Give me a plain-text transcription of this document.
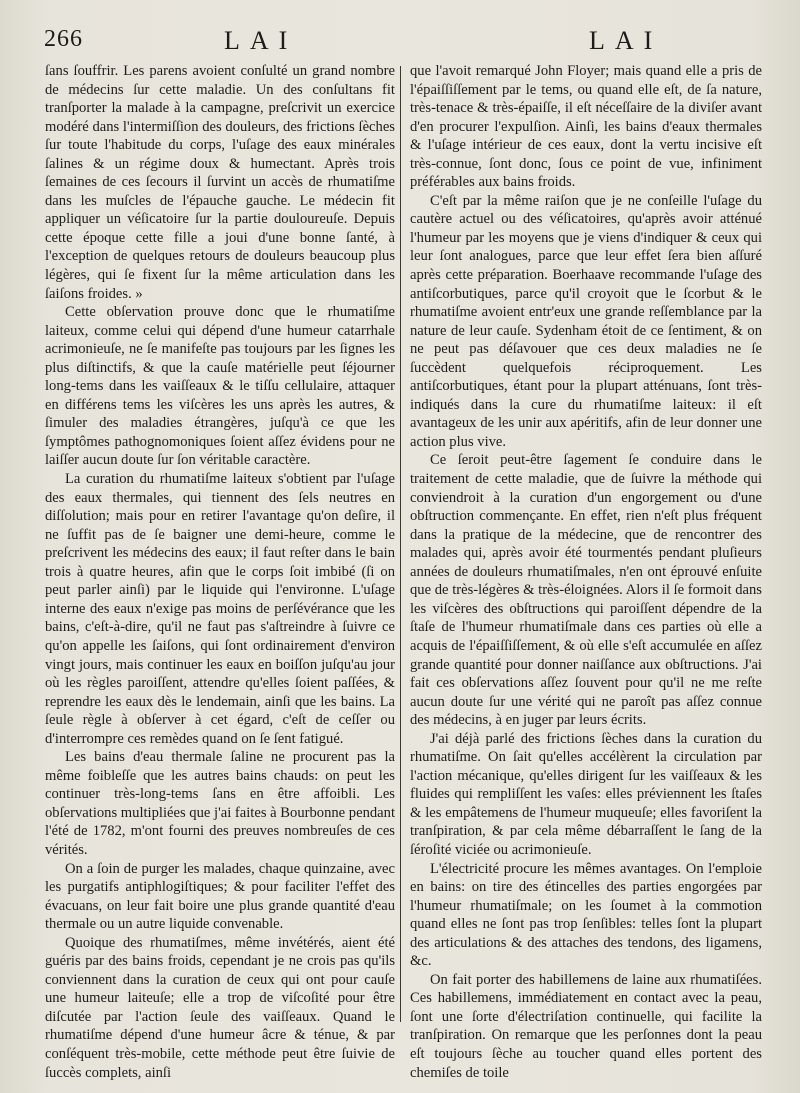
266	LAI	LAI

ſans ſouffrir. Les parens avoient conſulté un grand nombre de médecins ſur cette maladie. Un des conſultans fit tranſporter la malade à la campagne, preſcrivit un exercice modéré dans l'intermiſſion des douleurs, des frictions ſèches ſur toute l'habitude du corps, l'uſage des eaux minérales ſalines & un régime doux & humectant. Après trois ſemaines de ces ſecours il ſurvint un accès de rhumatiſme dans les muſcles de l'épauche gauche. Le médecin fit appliquer un véſicatoire ſur la partie douloureuſe. Depuis cette époque cette fille a joui d'une bonne ſanté, à l'exception de quelques retours de douleurs beaucoup plus légères, qui ſe fixent ſur la même articulation dans les ſaiſons froides. »

Cette obſervation prouve donc que le rhumatiſme laiteux, comme celui qui dépend d'une humeur catarrhale acrimonieuſe, ne ſe manifeſte pas toujours par les ſignes les plus diſtinctifs, & que la cauſe matérielle peut ſéjourner long-tems dans les vaiſſeaux & le tiſſu cellulaire, attaquer en différens tems les viſcères les uns après les autres, & ſimuler des maladies étrangères, juſqu'à ce que les ſymptômes pathognomoniques ſoient aſſez évidens pour ne laiſſer aucun doute ſur ſon véritable caractère.

La curation du rhumatiſme laiteux s'obtient par l'uſage des eaux thermales, qui tiennent des ſels neutres en diſſolution; mais pour en retirer l'avantage qu'on deſire, il ne ſuffit pas de ſe baigner une demi-heure, comme le preſcrivent les médecins des eaux; il faut reſter dans le bain trois à quatre heures, afin que le corps ſoit imbibé (ſi on peut parler ainſi) par le liquide qui l'environne. L'uſage interne des eaux n'exige pas moins de perſévérance que les bains, c'eſt-à-dire, qu'il ne faut pas s'aſtreindre à ſuivre ce qu'on appelle les ſaiſons, qui ſont ordinairement d'environ vingt jours, mais continuer les eaux en boiſſon juſqu'au jour où les règles paroiſſent, attendre qu'elles ſoient paſſées, & reprendre les eaux dès le lendemain, ainſi que les bains. La ſeule règle à obſerver à cet égard, c'eſt de ceſſer ou d'interrompre ces remèdes quand on ſe ſent fatigué.

Les bains d'eau thermale ſaline ne procurent pas la même foibleſſe que les autres bains chauds: on peut les continuer très-long-tems ſans en être affoibli. Les obſervations multipliées que j'ai faites à Bourbonne pendant l'été de 1782, m'ont fourni des preuves nombreuſes de ces vérités.

On a ſoin de purger les malades, chaque quinzaine, avec les purgatifs antiphlogiſtiques; & pour faciliter l'effet des évacuans, on leur fait boire une plus grande quantité d'eau thermale ou un autre liquide convenable.

Quoique des rhumatiſmes, même invétérés, aient été guéris par des bains froids, cependant je ne crois pas qu'ils conviennent dans la curation de ceux qui ont pour cauſe une humeur laiteuſe; elle a trop de viſcoſité pour être diſcutée par l'action ſeule des vaiſſeaux. Quand le rhumatiſme dépend d'une humeur âcre & ténue, & par conſéquent très-mobile, cette méthode peut être ſuivie de ſuccès complets, ainſi

que l'avoit remarqué John Floyer; mais quand elle a pris de l'épaiſſiſſement par le tems, ou quand elle eſt, de ſa nature, très-tenace & très-épaiſſe, il eſt néceſſaire de la diviſer avant d'en procurer l'expulſion. Ainſi, les bains d'eaux thermales & l'uſage intérieur de ces eaux, dont la vertu incisive eſt très-connue, ſont donc, ſous ce point de vue, infiniment préférables aux bains froids.

C'eſt par la même raiſon que je ne conſeille l'uſage du cautère actuel ou des véſicatoires, qu'après avoir atténué l'humeur par les moyens que je viens d'indiquer & ceux qui leur ſont analogues, parce que leur effet ſera bien aſſuré après cette préparation. Boerhaave recommande l'uſage des antiſcorbutiques, parce qu'il croyoit que le ſcorbut & le rhumatiſme avoient entr'eux une grande reſſemblance par la nature de leur cauſe. Sydenham étoit de ce ſentiment, & on ne peut pas déſavouer que ces deux maladies ne ſe ſuccèdent quelquefois réciproquement. Les antiſcorbutiques, étant pour la plupart atténuans, ſont très-indiqués dans la cure du rhumatiſme laiteux: il eſt avantageux de les unir aux apéritifs, afin de leur donner une action plus vive.

Ce ſeroit peut-être ſagement ſe conduire dans le traitement de cette maladie, que de ſuivre la méthode qui conviendroit à la curation d'un engorgement ou d'une obſtruction commençante. En effet, rien n'eſt plus fréquent dans la pratique de la médecine, que de rencontrer des malades qui, après avoir été tourmentés pendant pluſieurs années de douleurs rhumatiſmales, n'en ont éprouvé enſuite que de très-légères & très-éloignées. Alors il ſe formoit dans les viſcères des obſtructions qui paroiſſent dépendre de la ſtaſe de l'humeur rhumatiſmale dans ces parties où elle a acquis de l'épaiſſiſſement, & où elle s'eſt accumulée en aſſez grande quantité pour donner naiſſance aux obſtructions. J'ai fait ces obſervations aſſez ſouvent pour qu'il ne me reſte aucun doute ſur une vérité qui ne paroît pas aſſez connue des médecins, à en juger par leurs écrits.

J'ai déjà parlé des frictions ſèches dans la curation du rhumatiſme. On ſait qu'elles accélèrent la circulation par l'action mécanique, qu'elles dirigent ſur les vaiſſeaux & les fluides qui rempliſſent les vaſes: elles préviennent les ſtaſes & les empâtemens de l'humeur muqueuſe; elles favoriſent la tranſpiration, & par cela même débarraſſent le ſang de la ſéroſité viciée ou acrimonieuſe.

L'électricité procure les mêmes avantages. On l'emploie en bains: on tire des étincelles des parties engorgées par l'humeur rhumatiſmale; on les ſoumet à la commotion quand elles ne ſont pas trop ſenſibles: telles ſont la plupart des articulations & des attaches des tendons, des ligamens, &c.

On fait porter des habillemens de laine aux rhumatiſées. Ces habillemens, immédiatement en contact avec la peau, ſont une ſorte d'électriſation continuelle, qui facilite la tranſpiration. On remarque que les perſonnes dont la peau eſt toujours ſèche au toucher quand elles portent des chemiſes de toile
